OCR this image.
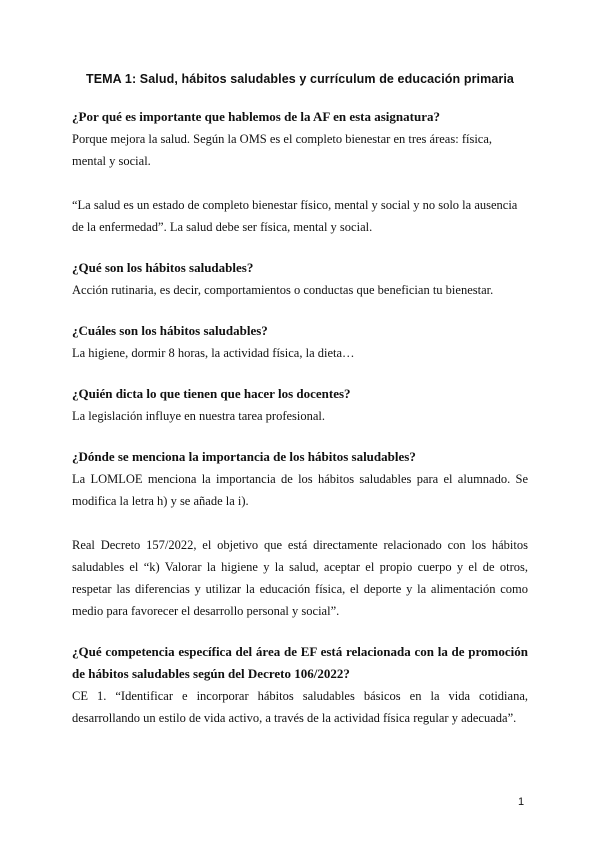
TEMA 1: Salud, hábitos saludables y currículum de educación primaria

¿Por qué es importante que hablemos de la AF en esta asignatura?

Porque mejora la salud. Según la OMS es el completo bienestar en tres áreas: física, mental y social.

“La salud es un estado de completo bienestar físico, mental y social y no solo la ausencia de la enfermedad”. La salud debe ser física, mental y social.

¿Qué son los hábitos saludables?

Acción rutinaria, es decir, comportamientos o conductas que benefician tu bienestar.

¿Cuáles son los hábitos saludables?

La higiene, dormir 8 horas, la actividad física, la dieta…

¿Quién dicta lo que tienen que hacer los docentes?

La legislación influye en nuestra tarea profesional.

¿Dónde se menciona la importancia de los hábitos saludables?

La LOMLOE menciona la importancia de los hábitos saludables para el alumnado. Se modifica la letra h) y se añade la i).

Real Decreto 157/2022, el objetivo que está directamente relacionado con los hábitos saludables el “k) Valorar la higiene y la salud, aceptar el propio cuerpo y el de otros, respetar las diferencias y utilizar la educación física, el deporte y la alimentación como medio para favorecer el desarrollo personal y social”.

¿Qué competencia específica del área de EF está relacionada con la de promoción de hábitos saludables según del Decreto 106/2022?

CE 1. “Identificar e incorporar hábitos saludables básicos en la vida cotidiana, desarrollando un estilo de vida activo, a través de la actividad física regular y adecuada”.

1
